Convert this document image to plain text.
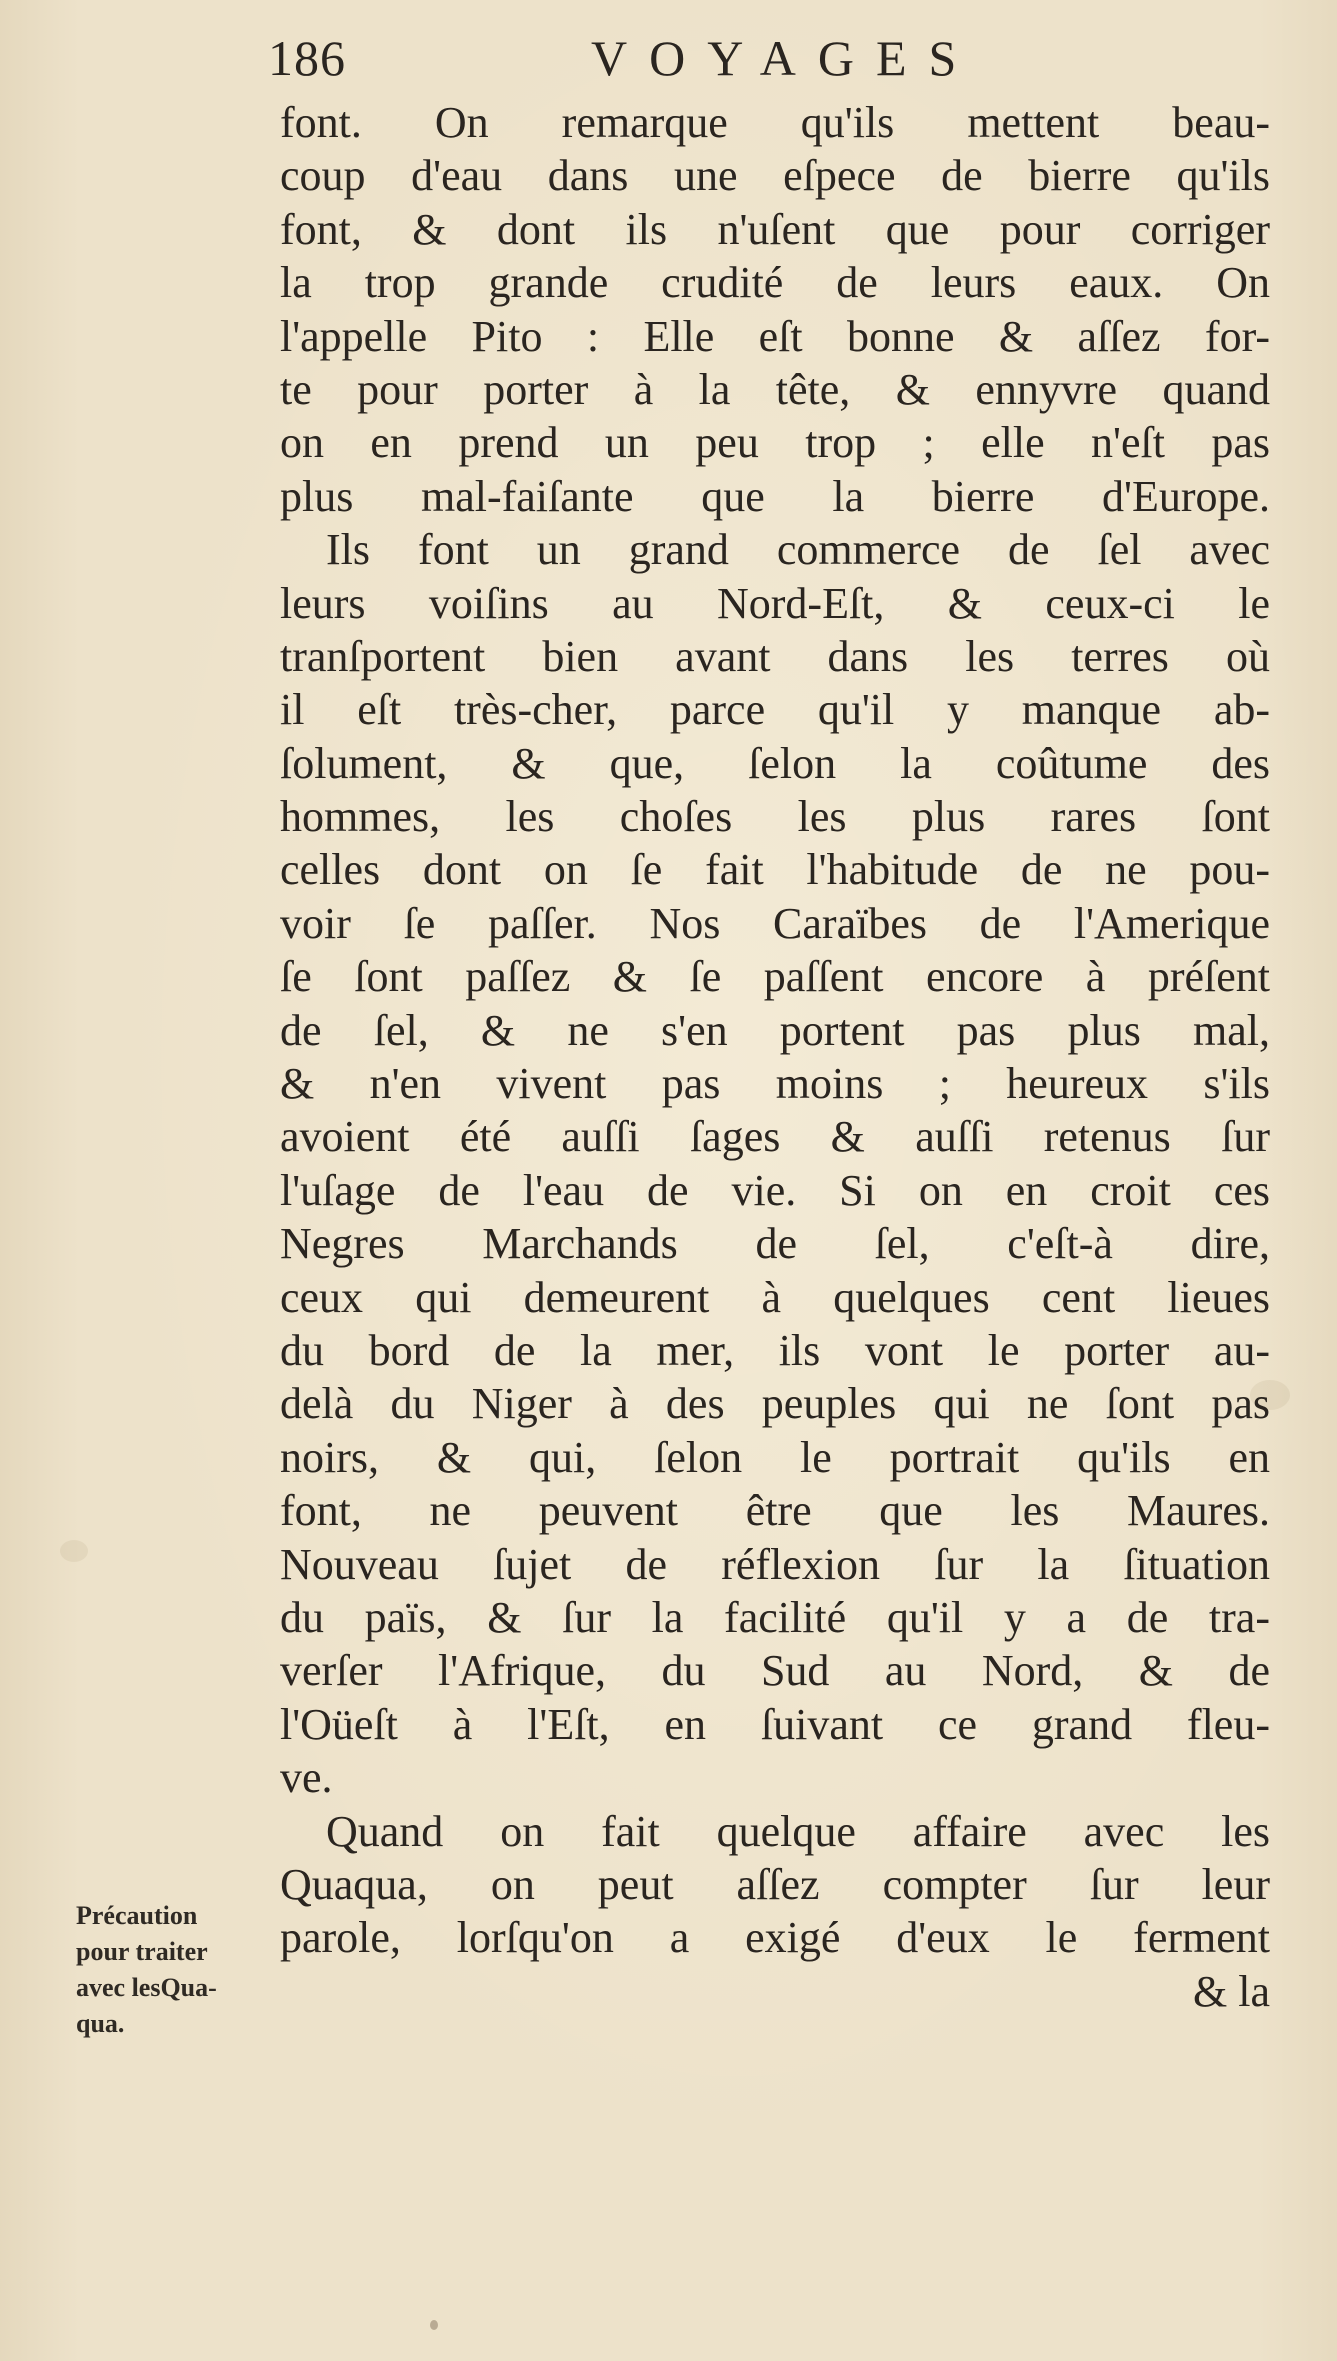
186	VOYAGES
font. On remarque qu'ils mettent beau-
coup d'eau dans une eſpece de bierre qu'ils
font, & dont ils n'uſent que pour corriger
la trop grande crudité de leurs eaux. On
l'appelle Pito : Elle eſt bonne & aſſez for-
te pour porter à la tête, & ennyvre quand
on en prend un peu trop ; elle n'eſt pas
plus mal-faiſante que la bierre d'Europe.
Ils font un grand commerce de ſel avec
leurs voiſins au Nord-Eſt, & ceux-ci le
tranſportent bien avant dans les terres où
il eſt très-cher, parce qu'il y manque ab-
ſolument, & que, ſelon la coûtume des
hommes, les choſes les plus rares ſont
celles dont on ſe fait l'habitude de ne pou-
voir ſe paſſer. Nos Caraïbes de l'Amerique
ſe ſont paſſez & ſe paſſent encore à préſent
de ſel, & ne s'en portent pas plus mal,
& n'en vivent pas moins ; heureux s'ils
avoient été auſſi ſages & auſſi retenus ſur
l'uſage de l'eau de vie. Si on en croit ces
Negres Marchands de ſel, c'eſt-à dire,
ceux qui demeurent à quelques cent lieues
du bord de la mer, ils vont le porter au-
delà du Niger à des peuples qui ne ſont pas
noirs, & qui, ſelon le portrait qu'ils en
font, ne peuvent être que les Maures.
Nouveau ſujet de réflexion ſur la ſituation
du païs, & ſur la facilité qu'il y a de tra-
verſer l'Afrique, du Sud au Nord, & de
l'Oüeſt à l'Eſt, en ſuivant ce grand fleu-
ve.
Quand on fait quelque affaire avec les
Quaqua, on peut aſſez compter ſur leur
parole, lorſqu'on a exigé d'eux le ferment
& la
Précaution
pour traiter
avec lesQua-
qua.
